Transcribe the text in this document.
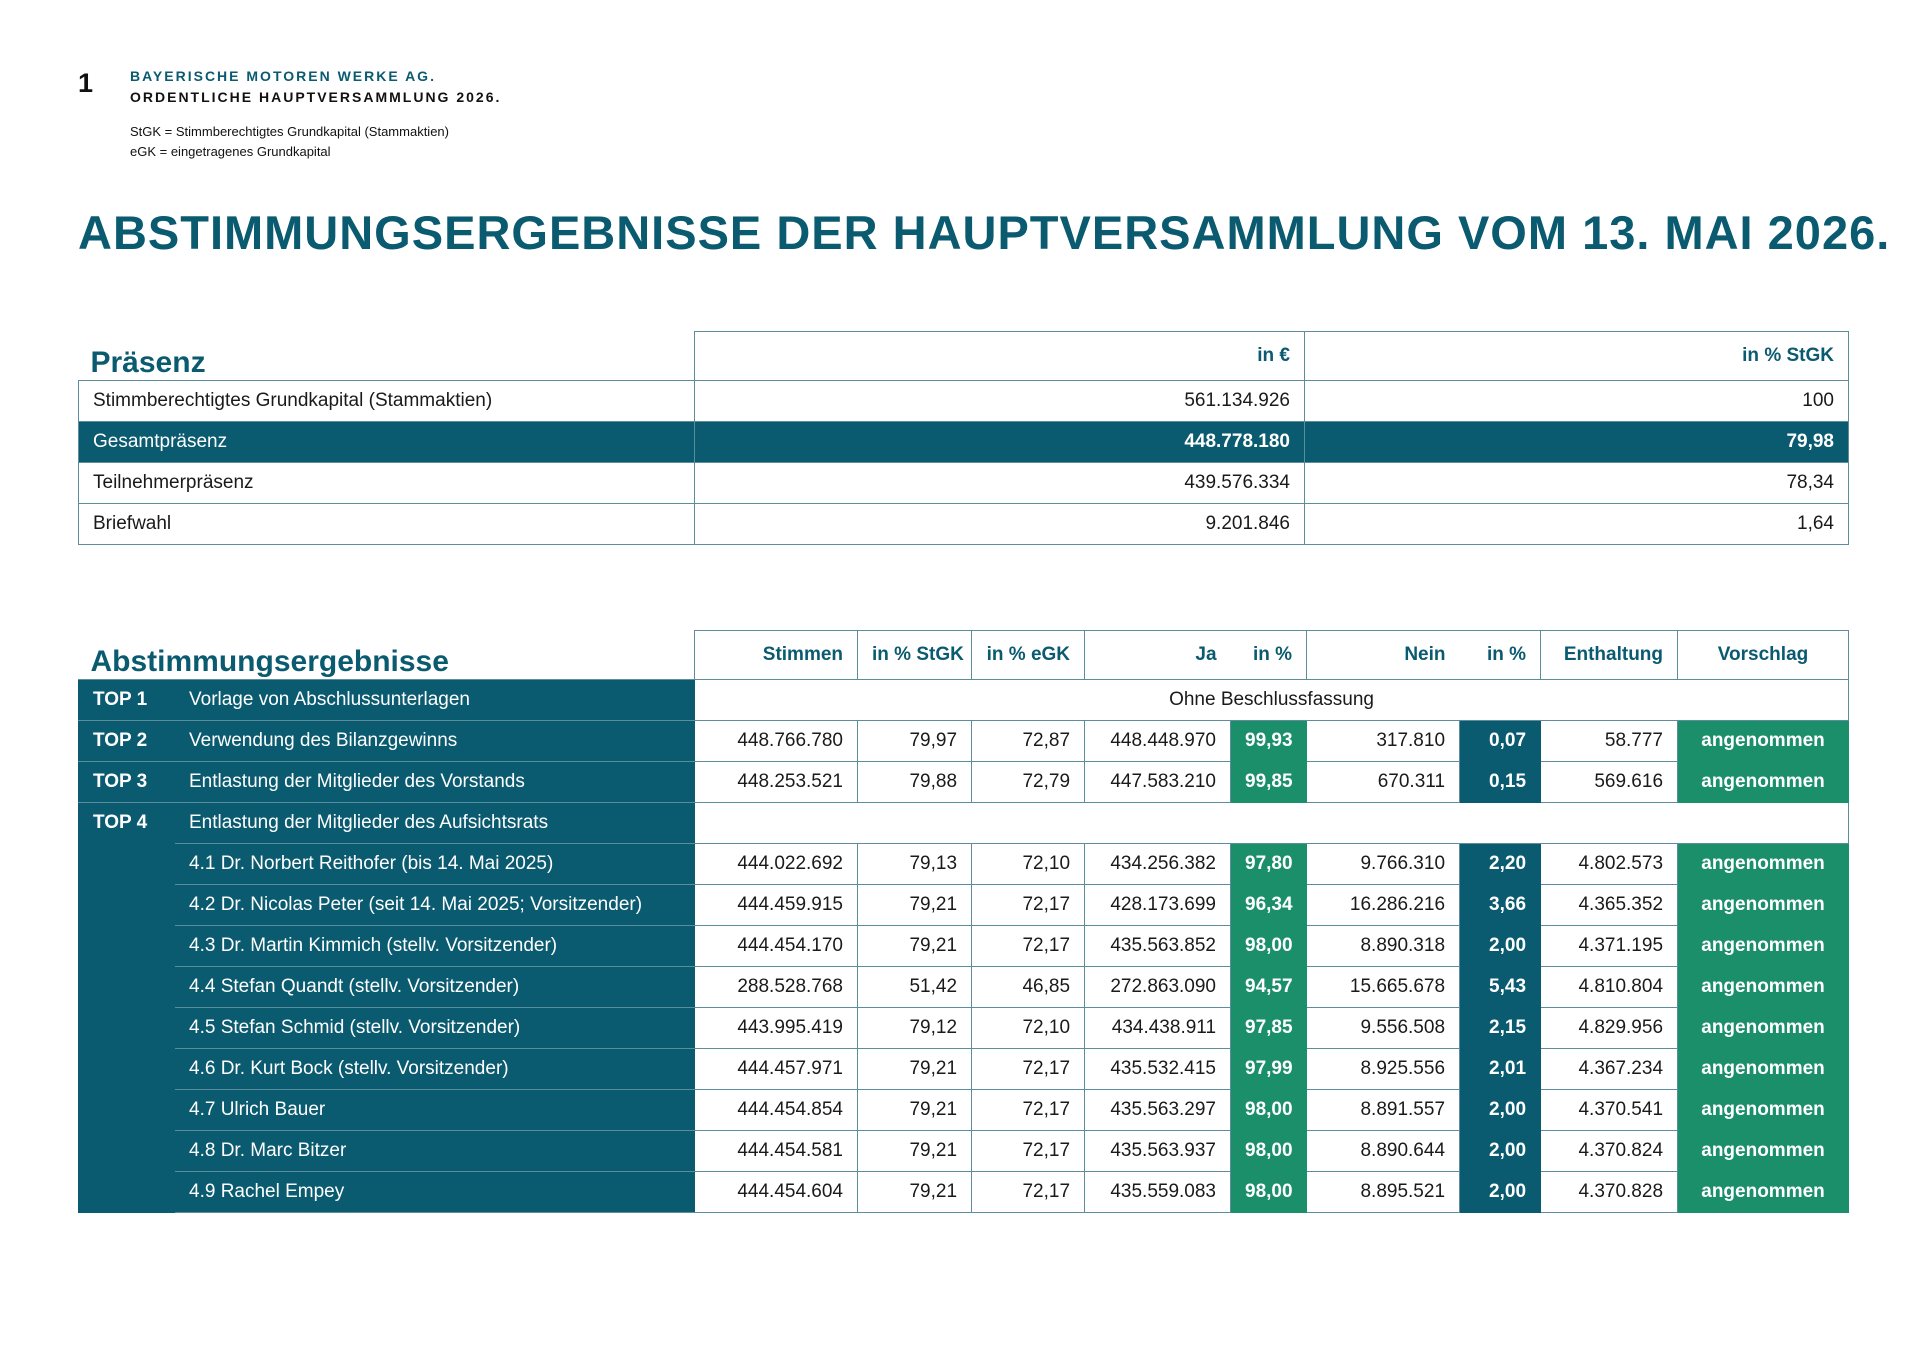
1	BAYERISCHE MOTOREN WERKE AG.
ORDENTLICHE HAUPTVERSAMMLUNG 2026.
StGK = Stimmberechtigtes Grundkapital (Stammaktien)
eGK = eingetragenes Grundkapital
ABSTIMMUNGSERGEBNISSE DER HAUPTVERSAMMLUNG VOM 13. MAI 2026.
Präsenz	in €	in % StGK
Stimmberechtigtes Grundkapital (Stammaktien)	561.134.926	100
Gesamtpräsenz	448.778.180	79,98
Teilnehmerpräsenz	439.576.334	78,34
Briefwahl	9.201.846	1,64
Abstimmungsergebnisse		Stimmen	in % StGK	in % eGK	Ja	in %	Nein	in %	Enthaltung	Vorschlag
TOP 1	Vorlage von Abschlussunterlagen	Ohne Beschlussfassung								
TOP 2	Verwendung des Bilanzgewinns	448.766.780	79,97	72,87	448.448.970	99,93	317.810	0,07	58.777	angenommen
TOP 3	Entlastung der Mitglieder des Vorstands	448.253.521	79,88	72,79	447.583.210	99,85	670.311	0,15	569.616	angenommen
TOP 4	Entlastung der Mitglieder des Aufsichtsrats									
	4.1 Dr. Norbert Reithofer (bis 14. Mai 2025)	444.022.692	79,13	72,10	434.256.382	97,80	9.766.310	2,20	4.802.573	angenommen
	4.2 Dr. Nicolas Peter (seit 14. Mai 2025; Vorsitzender)	444.459.915	79,21	72,17	428.173.699	96,34	16.286.216	3,66	4.365.352	angenommen
	4.3 Dr. Martin Kimmich (stellv. Vorsitzender)	444.454.170	79,21	72,17	435.563.852	98,00	8.890.318	2,00	4.371.195	angenommen
	4.4 Stefan Quandt (stellv. Vorsitzender)	288.528.768	51,42	46,85	272.863.090	94,57	15.665.678	5,43	4.810.804	angenommen
	4.5 Stefan Schmid (stellv. Vorsitzender)	443.995.419	79,12	72,10	434.438.911	97,85	9.556.508	2,15	4.829.956	angenommen
	4.6 Dr. Kurt Bock (stellv. Vorsitzender)	444.457.971	79,21	72,17	435.532.415	97,99	8.925.556	2,01	4.367.234	angenommen
	4.7 Ulrich Bauer	444.454.854	79,21	72,17	435.563.297	98,00	8.891.557	2,00	4.370.541	angenommen
	4.8 Dr. Marc Bitzer	444.454.581	79,21	72,17	435.563.937	98,00	8.890.644	2,00	4.370.824	angenommen
	4.9 Rachel Empey	444.454.604	79,21	72,17	435.559.083	98,00	8.895.521	2,00	4.370.828	angenommen
